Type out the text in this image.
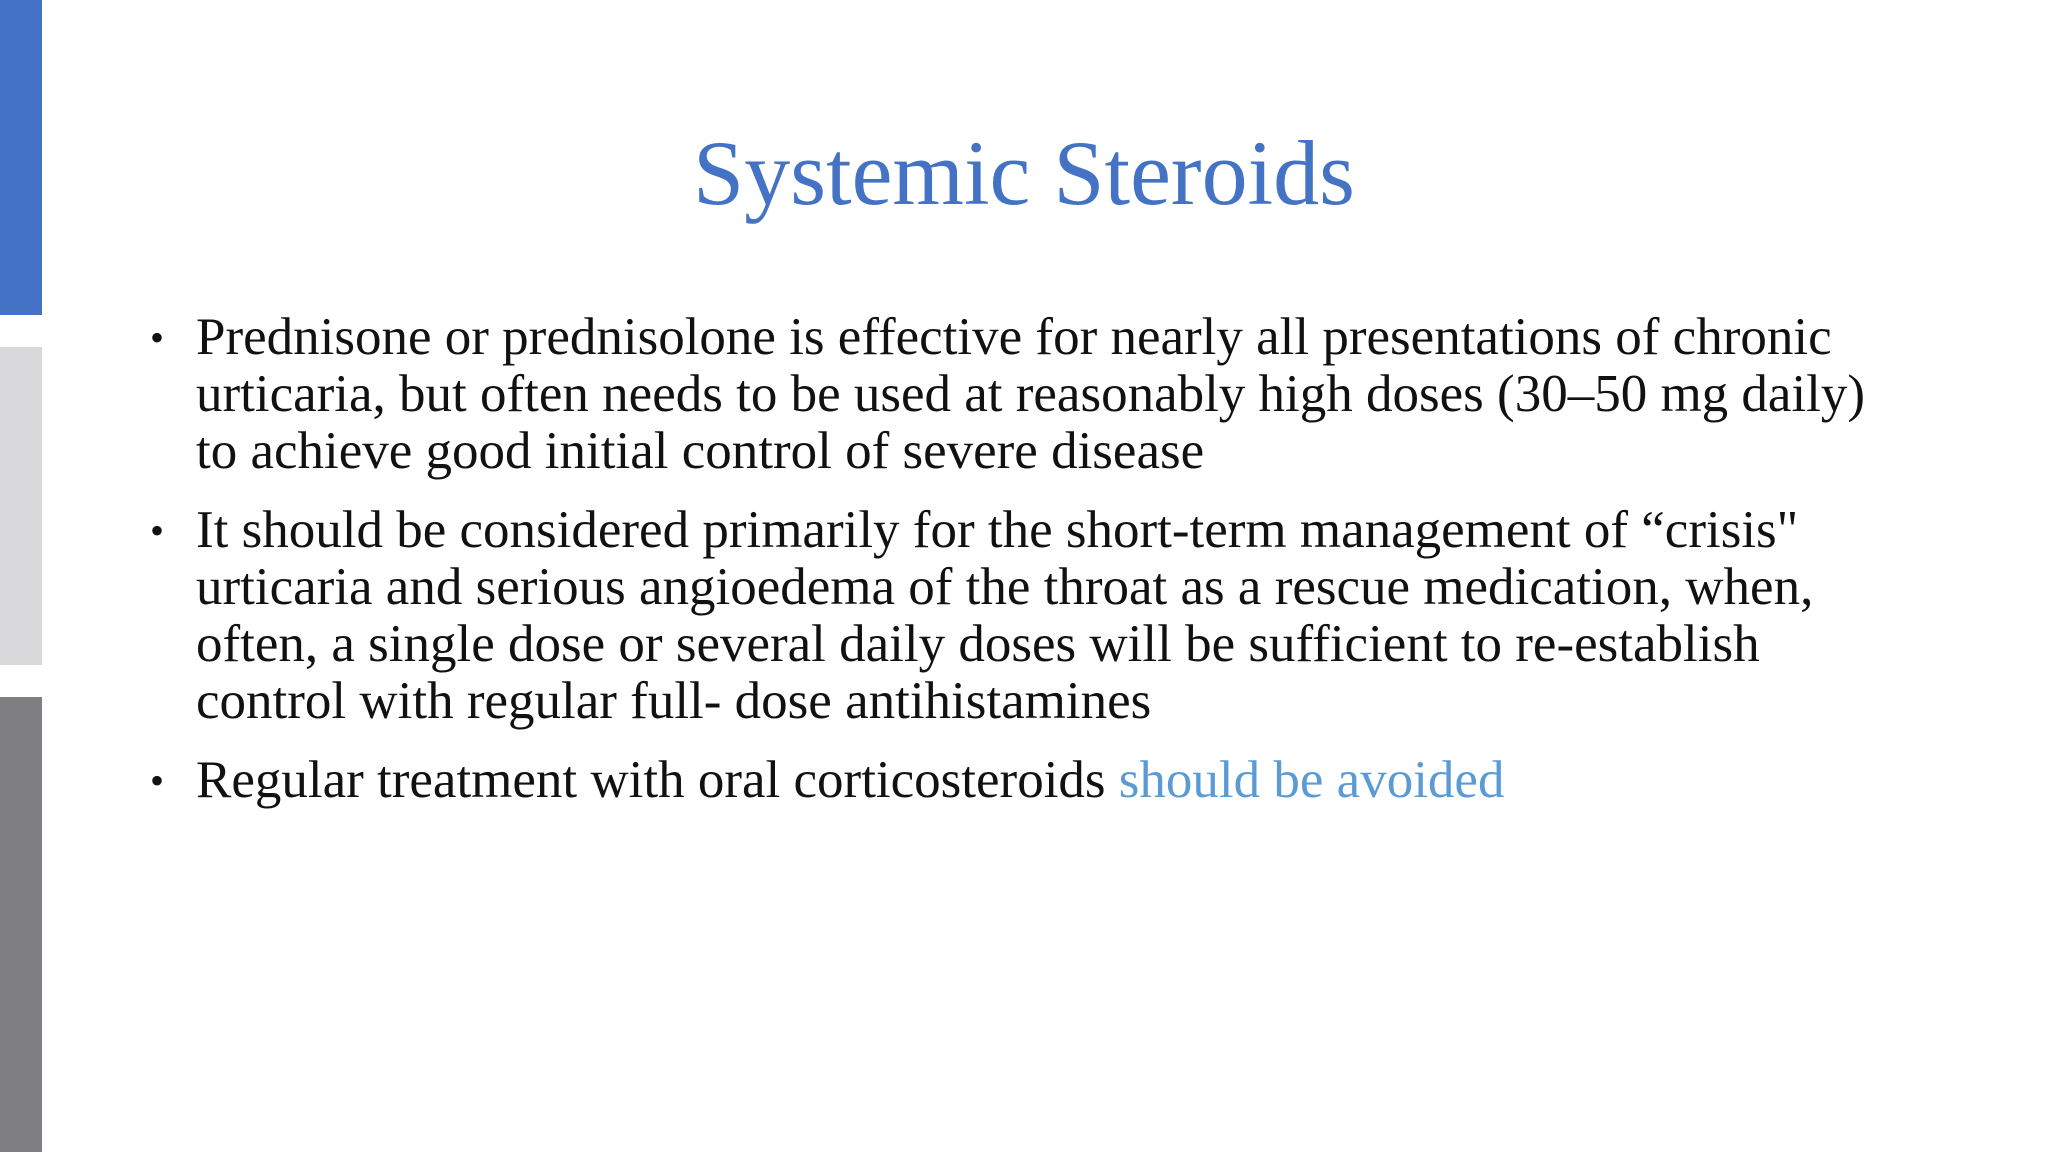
Systemic Steroids
• Prednisone or prednisolone is effective for nearly all presentations of chronic urticaria, but often needs to be used at reasonably high doses (30–50 mg daily) to achieve good initial control of severe disease
• It should be considered primarily for the short-term management of “crisis" urticaria and serious angioedema of the throat as a rescue medication, when, often, a single dose or several daily doses will be sufficient to re-establish control with regular full- dose antihistamines
• Regular treatment with oral corticosteroids should be avoided
